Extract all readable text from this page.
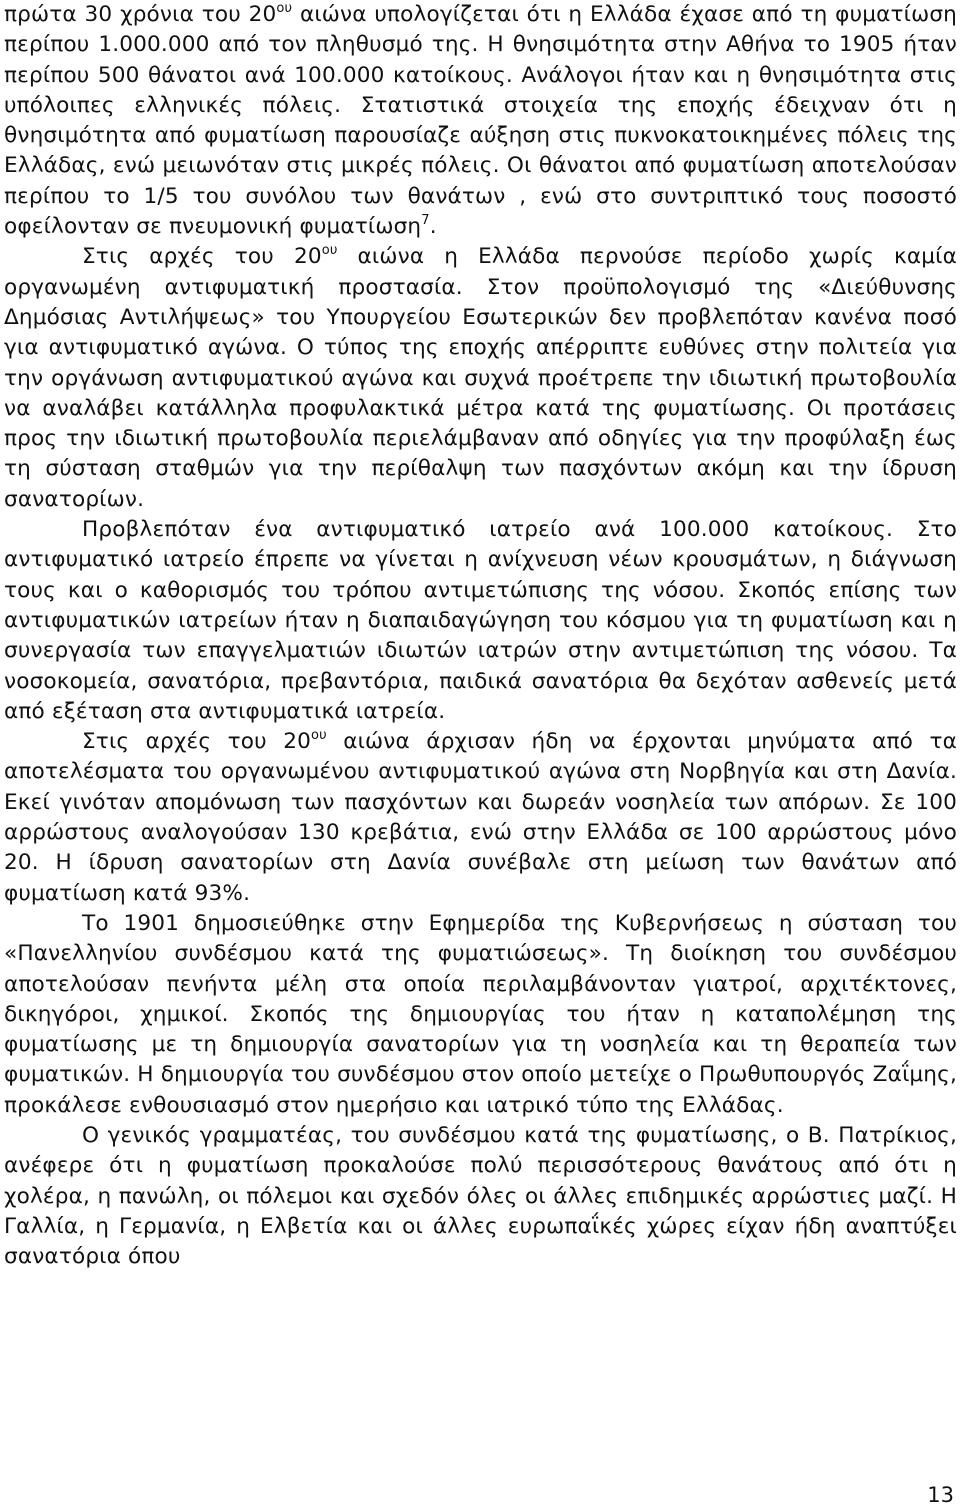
πρώτα 30 χρόνια του $20^{o\upsilon}$ αιώνα υπολογίζεται ότι η Ελλάδα έχασε από τη φυματίωση περίπου 1.000.000 από τον πληθυσμό της. Η θνησιμότητα στην Αθήνα το 1905 ήταν περίπου 500 θάνατοι ανά 100.000 κατοίκους. Ανάλογοι ήταν και η θνησιμότητα στις υπόλοιπες ελληνικές πόλεις. Στατιστικά στοιχεία της εποχής έδειχναν ότι η θνησιμότητα από φυματίωση παρουσίαζε αύξηση στις πυκνοκατοικημένες πόλεις της Ελλάδας, ενώ μειωνόταν στις μικρές πόλεις. Οι θάνατοι από φυματίωση αποτελούσαν περίπου το 1/5 του συνόλου των θανάτων , ενώ στο συντριπτικό τους ποσοστό οφείλονταν σε πνευμονική φυματίωση$^7$.

Στις αρχές του $20^{o\upsilon}$ αιώνα η Ελλάδα περνούσε περίοδο χωρίς καμία οργανωμένη αντιφυματική προστασία. Στον προϋπολογισμό της «Διεύθυνσης Δημόσιας Αντιλήψεως» του Υπουργείου Εσωτερικών δεν προβλεπόταν κανένα ποσό για αντιφυματικό αγώνα. Ο τύπος της εποχής απέρριπτε ευθύνες στην πολιτεία για την οργάνωση αντιφυματικού αγώνα και συχνά προέτρεπε την ιδιωτική πρωτοβουλία να αναλάβει κατάλληλα προφυλακτικά μέτρα κατά της φυματίωσης. Οι προτάσεις προς την ιδιωτική πρωτοβουλία περιελάμβαναν από οδηγίες για την προφύλαξη έως τη σύσταση σταθμών για την περίθαλψη των πασχόντων ακόμη και την ίδρυση σανατορίων.

Προβλεπόταν ένα αντιφυματικό ιατρείο ανά 100.000 κατοίκους. Στο αντιφυματικό ιατρείο έπρεπε να γίνεται η ανίχνευση νέων κρουσμάτων, η διάγνωση τους και ο καθορισμός του τρόπου αντιμετώπισης της νόσου. Σκοπός επίσης των αντιφυματικών ιατρείων ήταν η διαπαιδαγώγηση του κόσμου για τη φυματίωση και η συνεργασία των επαγγελματιών ιδιωτών ιατρών στην αντιμετώπιση της νόσου. Τα νοσοκομεία, σανατόρια, πρεβαντόρια, παιδικά σανατόρια θα δεχόταν ασθενείς μετά από εξέταση στα αντιφυματικά ιατρεία.

Στις αρχές του $20^{o\upsilon}$ αιώνα άρχισαν ήδη να έρχονται μηνύματα από τα αποτελέσματα του οργανωμένου αντιφυματικού αγώνα στη Νορβηγία και στη Δανία. Εκεί γινόταν απομόνωση των πασχόντων και δωρεάν νοσηλεία των απόρων. Σε 100 αρρώστους αναλογούσαν 130 κρεβάτια, ενώ στην Ελλάδα σε 100 αρρώστους μόνο 20. Η ίδρυση σανατορίων στη Δανία συνέβαλε στη μείωση των θανάτων από φυματίωση κατά 93%.

Το 1901 δημοσιεύθηκε στην Εφημερίδα της Κυβερνήσεως η σύσταση του «Πανελληνίου συνδέσμου κατά της φυματιώσεως». Τη διοίκηση του συνδέσμου αποτελούσαν πενήντα μέλη στα οποία περιλαμβάνονταν γιατροί, αρχιτέκτονες, δικηγόροι, χημικοί. Σκοπός της δημιουργίας του ήταν η καταπολέμηση της φυματίωσης με τη δημιουργία σανατορίων για τη νοσηλεία και τη θεραπεία των φυματικών. Η δημιουργία του συνδέσμου στον οποίο μετείχε ο Πρωθυπουργός Ζαΐμης, προκάλεσε ενθουσιασμό στον ημερήσιο και ιατρικό τύπο της Ελλάδας.

Ο γενικός γραμματέας, του συνδέσμου κατά της φυματίωσης, ο Β. Πατρίκιος, ανέφερε ότι η φυματίωση προκαλούσε πολύ περισσότερους θανάτους από ότι η χολέρα, η πανώλη, οι πόλεμοι και σχεδόν όλες οι άλλες επιδημικές αρρώστιες μαζί. Η Γαλλία, η Γερμανία, η Ελβετία και οι άλλες ευρωπαΐκές χώρες είχαν ήδη αναπτύξει σανατόρια όπου

13
